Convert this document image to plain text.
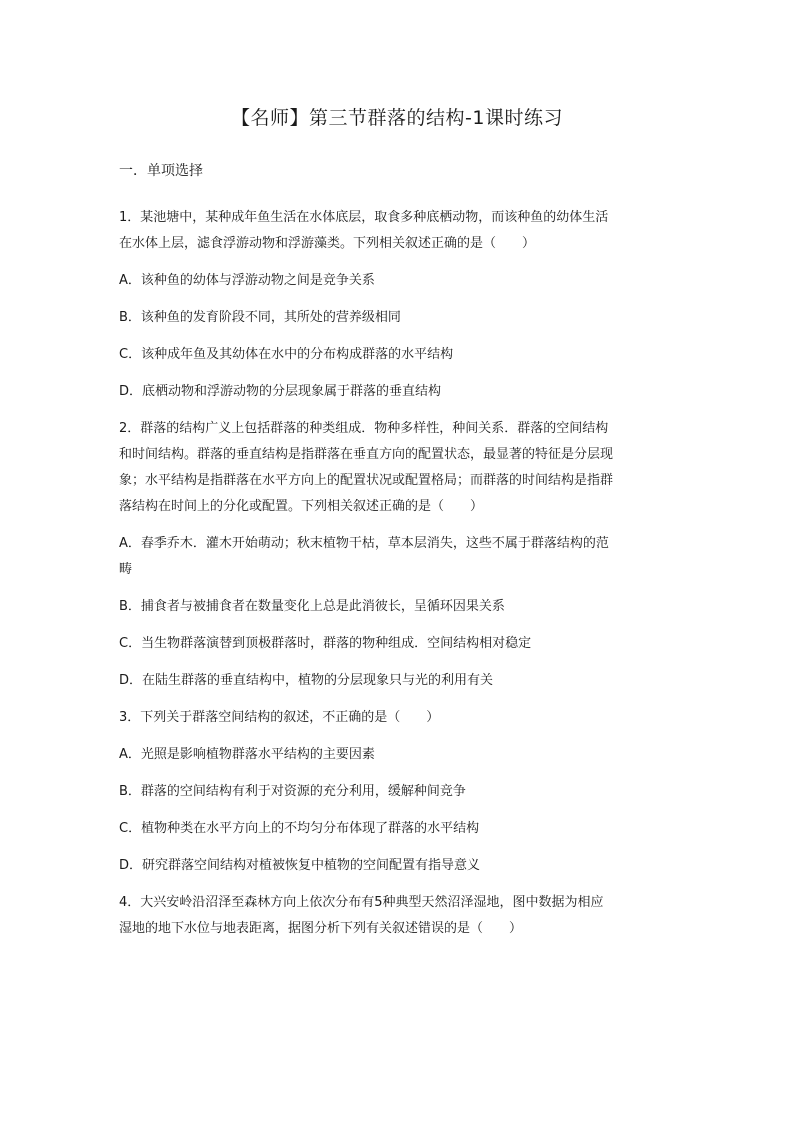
【名师】第三节群落的结构-1课时练习
一．单项选择
1．某池塘中，某种成年鱼生活在水体底层，取食多种底栖动物，而该种鱼的幼体生活
在水体上层，滤食浮游动物和浮游藻类。下列相关叙述正确的是（　　）
A．该种鱼的幼体与浮游动物之间是竞争关系
B．该种鱼的发育阶段不同，其所处的营养级相同
C．该种成年鱼及其幼体在水中的分布构成群落的水平结构
D．底栖动物和浮游动物的分层现象属于群落的垂直结构
2．群落的结构广义上包括群落的种类组成．物种多样性，种间关系．群落的空间结构
和时间结构。群落的垂直结构是指群落在垂直方向的配置状态，最显著的特征是分层现
象；水平结构是指群落在水平方向上的配置状况或配置格局；而群落的时间结构是指群
落结构在时间上的分化或配置。下列相关叙述正确的是（　　）
A．春季乔木．灌木开始萌动；秋末植物干枯，草本层消失，这些不属于群落结构的范
畴
B．捕食者与被捕食者在数量变化上总是此消彼长，呈循环因果关系
C．当生物群落演替到顶极群落时，群落的物种组成．空间结构相对稳定
D．在陆生群落的垂直结构中，植物的分层现象只与光的利用有关
3．下列关于群落空间结构的叙述，不正确的是（　　）
A．光照是影响植物群落水平结构的主要因素
B．群落的空间结构有利于对资源的充分利用，缓解种间竞争
C．植物种类在水平方向上的不均匀分布体现了群落的水平结构
D．研究群落空间结构对植被恢复中植物的空间配置有指导意义
4．大兴安岭沿沼泽至森林方向上依次分布有5种典型天然沼泽湿地，图中数据为相应
湿地的地下水位与地表距离，据图分析下列有关叙述错误的是（　　）
